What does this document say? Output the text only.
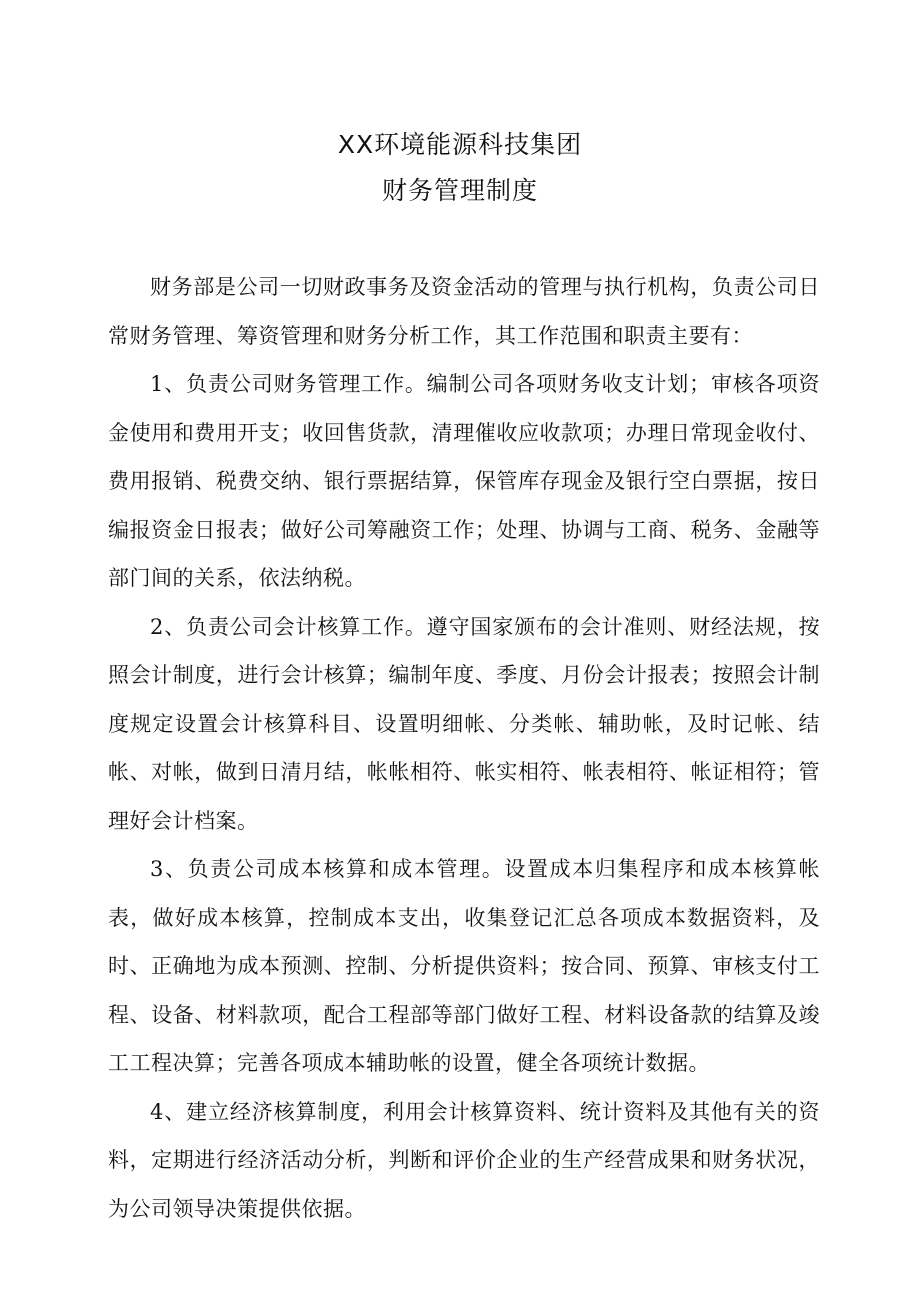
XX环境能源科技集团
财务管理制度

财务部是公司一切财政事务及资金活动的管理与执行机构，负责公司日常财务管理、筹资管理和财务分析工作，其工作范围和职责主要有：

1、负责公司财务管理工作。编制公司各项财务收支计划；审核各项资金使用和费用开支；收回售货款，清理催收应收款项；办理日常现金收付、费用报销、税费交纳、银行票据结算，保管库存现金及银行空白票据，按日编报资金日报表；做好公司筹融资工作；处理、协调与工商、税务、金融等部门间的关系，依法纳税。

2、负责公司会计核算工作。遵守国家颁布的会计准则、财经法规，按照会计制度，进行会计核算；编制年度、季度、月份会计报表；按照会计制度规定设置会计核算科目、设置明细帐、分类帐、辅助帐，及时记帐、结帐、对帐，做到日清月结，帐帐相符、帐实相符、帐表相符、帐证相符；管理好会计档案。

3、负责公司成本核算和成本管理。设置成本归集程序和成本核算帐表，做好成本核算，控制成本支出，收集登记汇总各项成本数据资料，及时、正确地为成本预测、控制、分析提供资料；按合同、预算、审核支付工程、设备、材料款项，配合工程部等部门做好工程、材料设备款的结算及竣工工程决算；完善各项成本辅助帐的设置，健全各项统计数据。

4、建立经济核算制度，利用会计核算资料、统计资料及其他有关的资料，定期进行经济活动分析，判断和评价企业的生产经营成果和财务状况，为公司领导决策提供依据。
